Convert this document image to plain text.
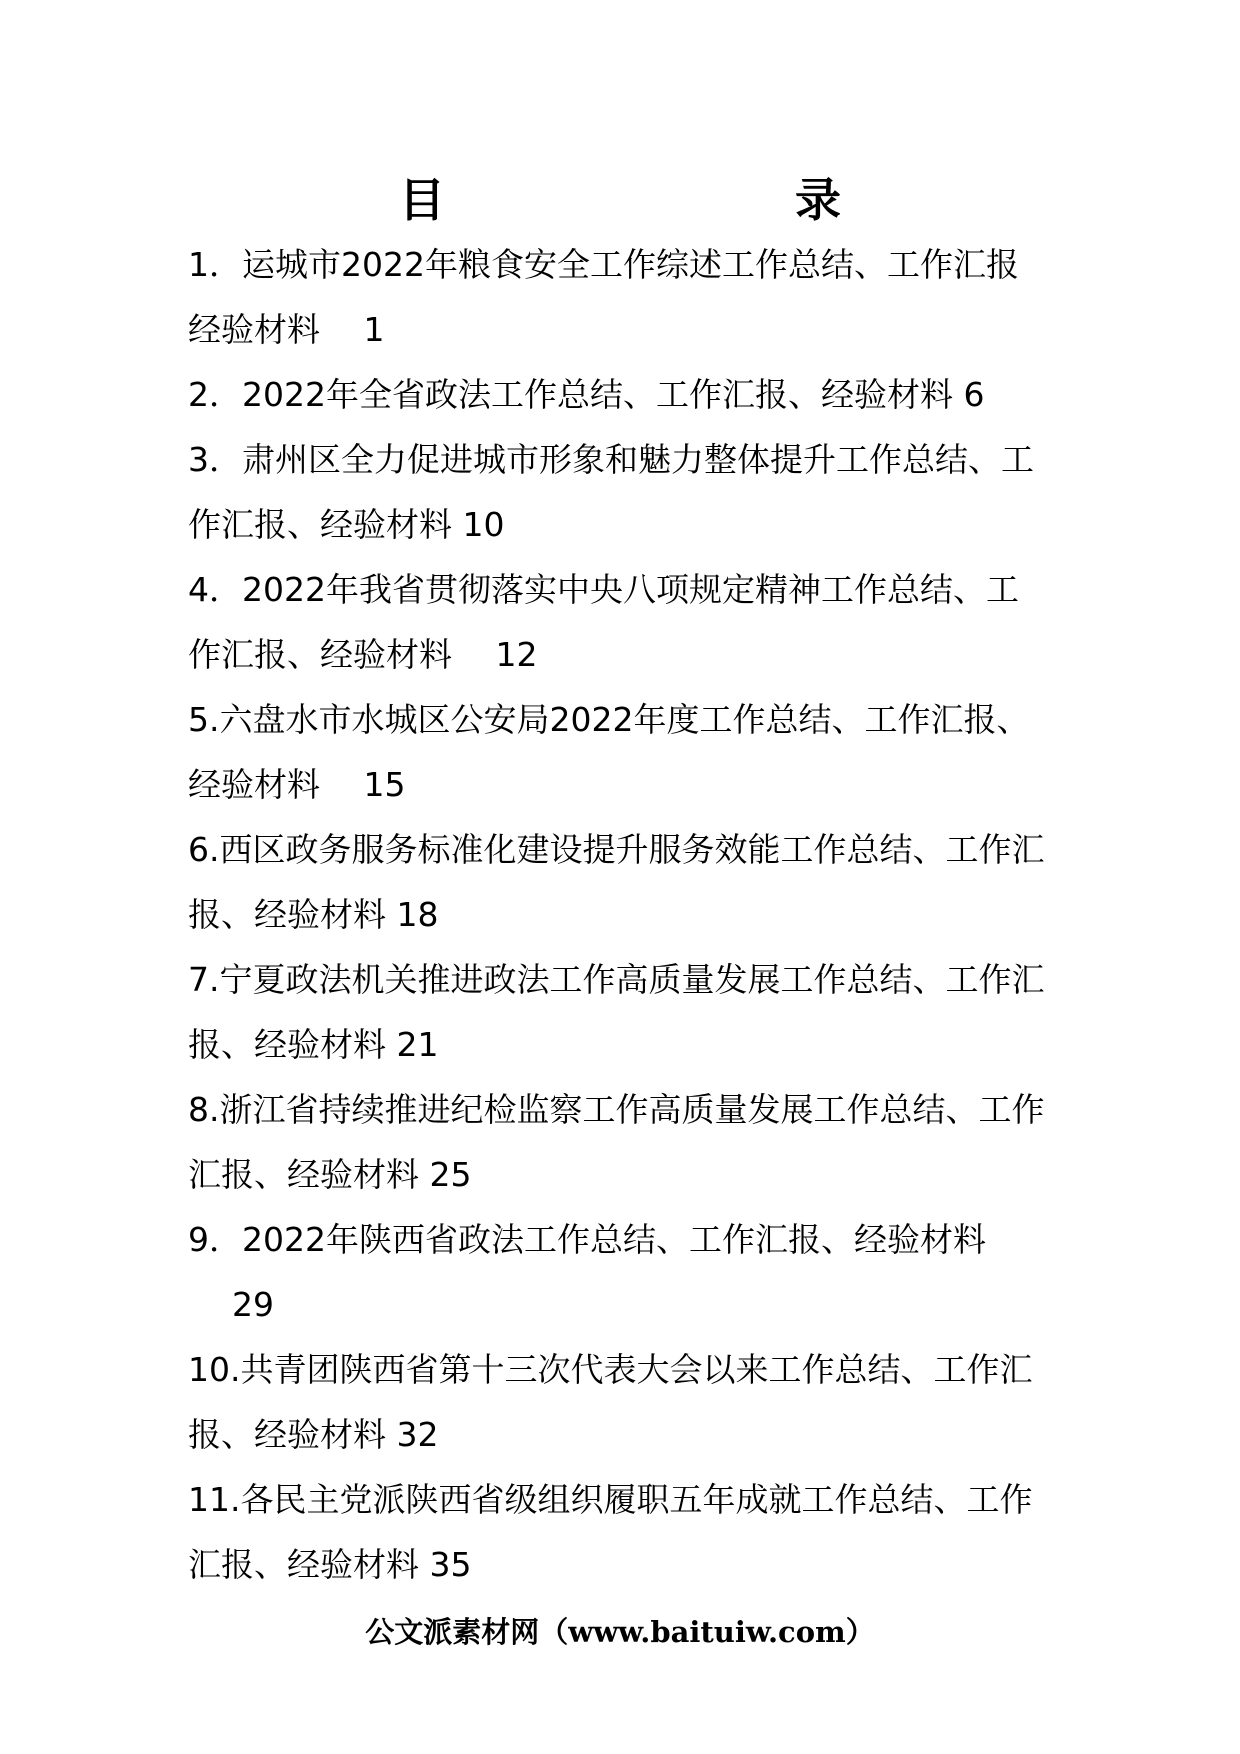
目　　录
1．运城市2022年粮食安全工作综述工作总结、工作汇报
经验材料　 1
2．2022年全省政法工作总结、工作汇报、经验材料 6
3．肃州区全力促进城市形象和魅力整体提升工作总结、工
作汇报、经验材料 10
4．2022年我省贯彻落实中央八项规定精神工作总结、工
作汇报、经验材料　 12
5.六盘水市水城区公安局2022年度工作总结、工作汇报、
经验材料　 15
6.西区政务服务标准化建设提升服务效能工作总结、工作汇
报、经验材料 18
7.宁夏政法机关推进政法工作高质量发展工作总结、工作汇
报、经验材料 21
8.浙江省持续推进纪检监察工作高质量发展工作总结、工作
汇报、经验材料 25
9．2022年陕西省政法工作总结、工作汇报、经验材料
29
10.共青团陕西省第十三次代表大会以来工作总结、工作汇
报、经验材料 32
11.各民主党派陕西省级组织履职五年成就工作总结、工作
汇报、经验材料 35
公文派素材网（www.baituiw.com）
